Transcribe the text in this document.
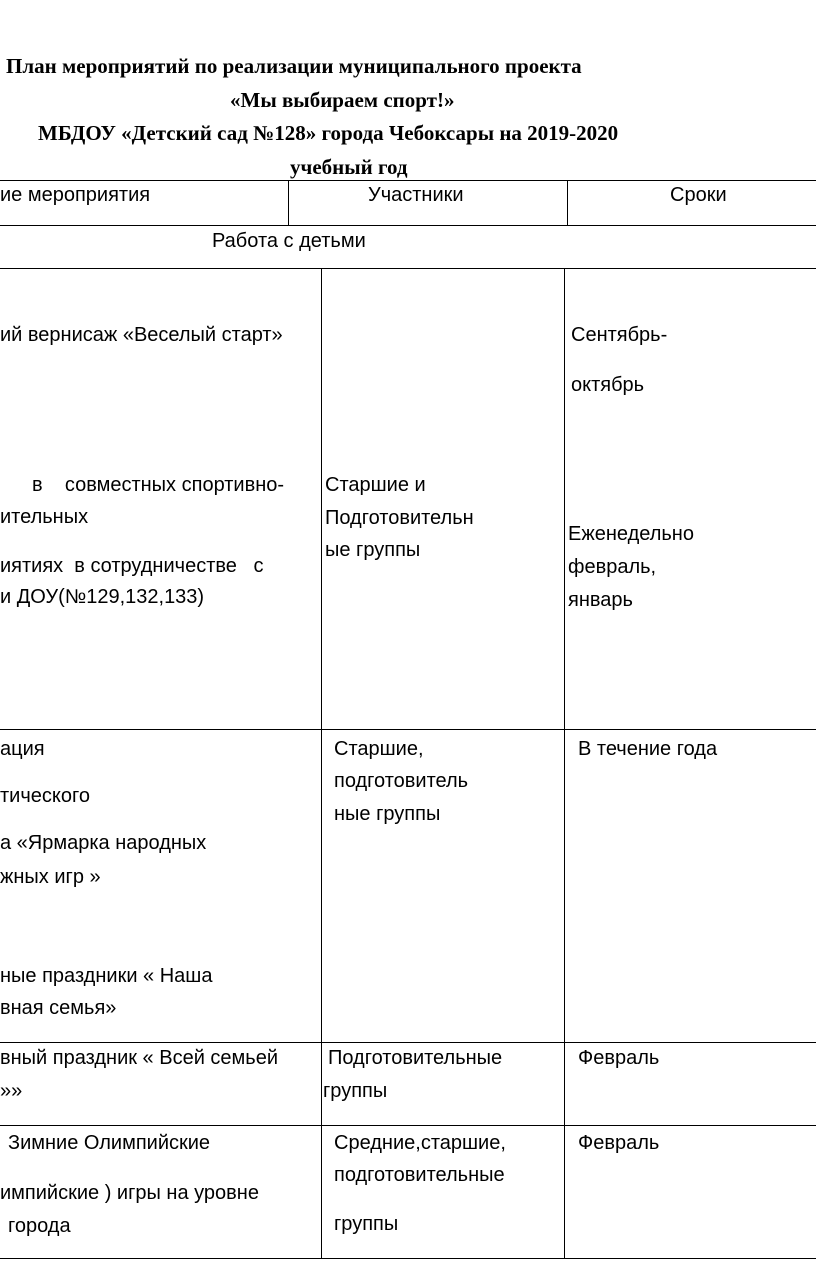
План мероприятий по реализации муниципального проекта
«Мы выбираем спорт!»
МБДОУ «Детский сад №128» города Чебоксары на 2019-2020
учебный год
ие мероприятия	Участники	Сроки
Работа с детьми
ий вернисаж «Веселый старт»
в    совместных спортивно-
ительных
иятиях  в сотрудничестве   с
и ДОУ(№129,132,133)
Старшие и
Подготовительн
ые группы
Сентябрь-
октябрь
Еженедельно
февраль,
январь
ация
тического
а «Ярмарка народных
жных игр »
ные праздники « Наша
вная семья»
Старшие,
подготовитель
ные группы
В течение года
вный праздник « Всей семьей
»»
Подготовительные
группы
Февраль
Зимние Олимпийские
импийские ) игры на уровне
города
Средние,старшие,
подготовительные
группы
Февраль
